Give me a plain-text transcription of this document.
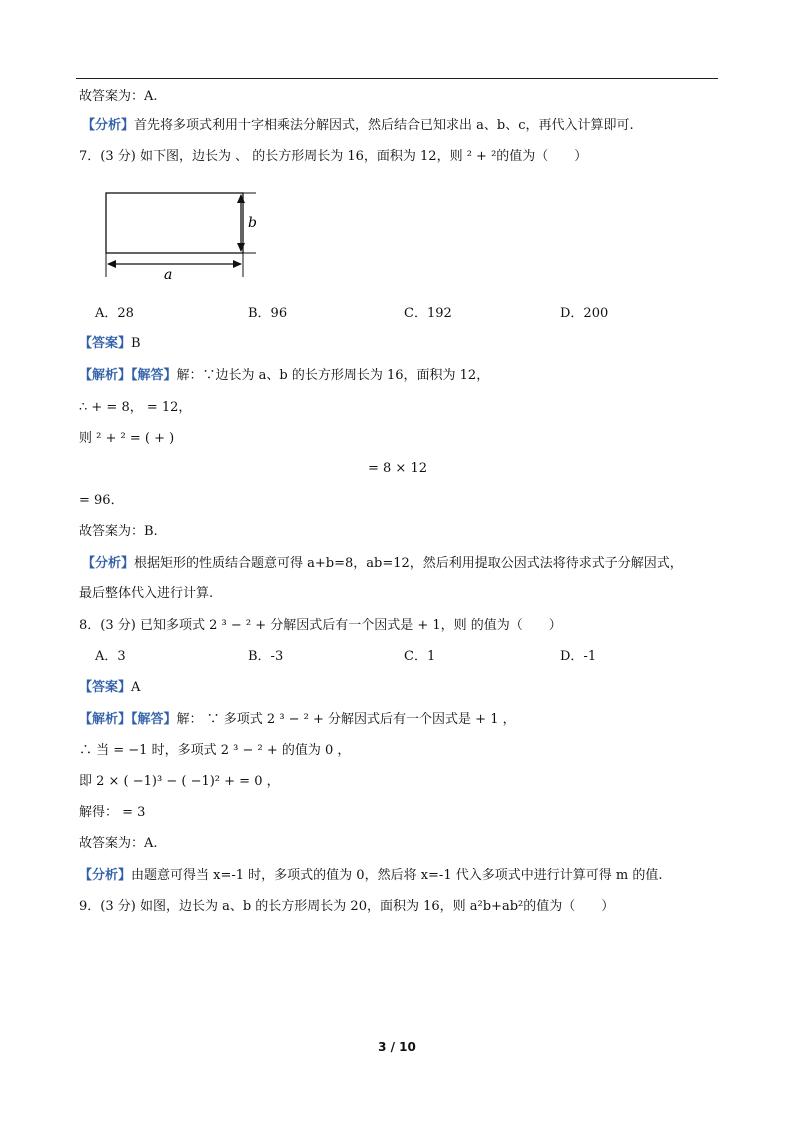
故答案为：A.
【分析】首先将多项式利用十字相乘法分解因式，然后结合已知求出 a、b、c，再代入计算即可.
7．(3 分) 如下图，边长为 、 的长方形周长为 16，面积为 12，则 ² + ²的值为（　　）
b
a
A．28	B．96	C．192	D．200
【答案】B
【解析】【解答】解：∵边长为 a、b 的长方形周长为 16，面积为 12，
∴ + = 8， = 12，
则 ² + ² = ( + )
= 8 × 12
= 96．
故答案为：B.
【分析】根据矩形的性质结合题意可得 a+b=8，ab=12，然后利用提取公因式法将待求式子分解因式，
最后整体代入进行计算.
8．(3 分) 已知多项式 2 ³ − ² + 分解因式后有一个因式是 + 1，则 的值为（　　）
A．3	B．-3	C．1	D．-1
【答案】A
【解析】【解答】解： ∵ 多项式 2 ³ − ² + 分解因式后有一个因式是 + 1 ，
∴ 当 = −1 时，多项式 2 ³ − ² + 的值为 0 ，
即 2 × ( −1)³ − ( −1)² + = 0 ，
解得： = 3
故答案为：A.
【分析】由题意可得当 x=-1 时，多项式的值为 0，然后将 x=-1 代入多项式中进行计算可得 m 的值.
9．(3 分) 如图，边长为 a、b 的长方形周长为 20，面积为 16，则 a²b+ab²的值为（　　）
3 / 10
